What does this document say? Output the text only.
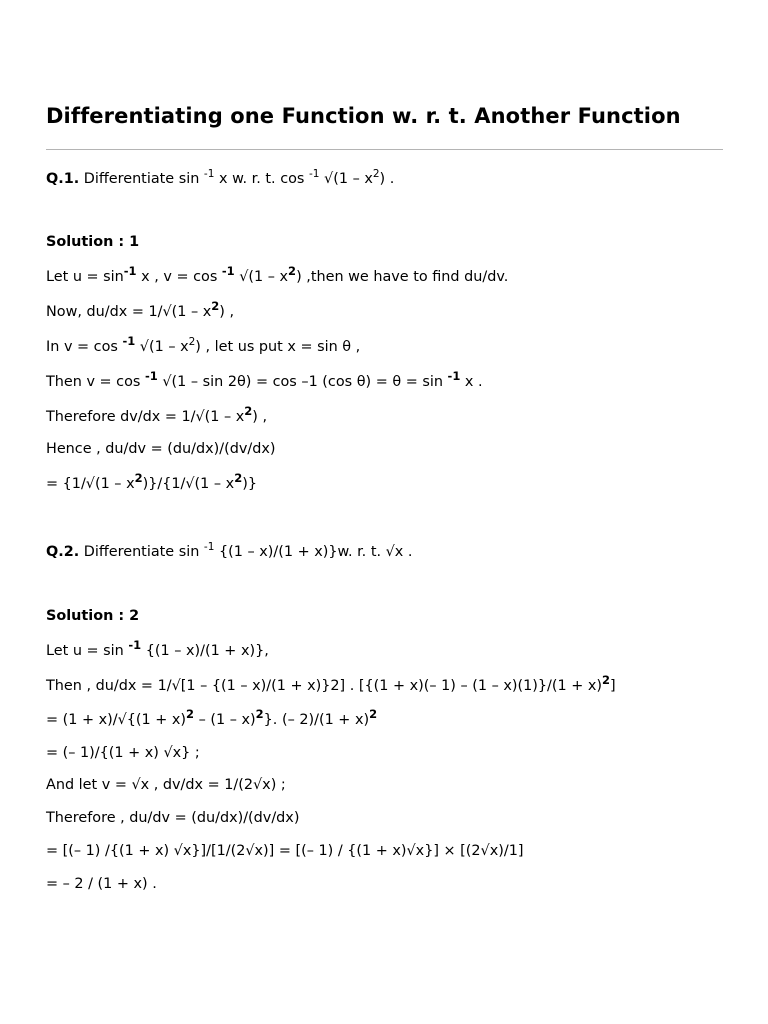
Differentiating one Function w. r. t. Another Function
Q.1. Differentiate sin $^{-1}$ x w. r. t. cos $^{-1}$ $√(1 - x^2)$ .
Solution : 1
Let $u = \sin^{-1} x$ , v = cos $^{-1}$ $√(1 - x^2)$ ,then we have to find du/dv.
Now, $du/dx = 1/√(1 - x^2)$ ,
In v = cos $^{-1}$ $√(1 - x^2)$ , let us put x = sin θ ,
Then v = cos $^{-1}$ √(1 – sin 2θ) = cos –1 (cos θ) = θ = sin $^{-1}$ x .
Therefore $dv/dx = 1/√(1 - x^2)$ ,
Hence , du/dv = (du/dx)/(dv/dx)
= $\{1/√(1 - x^2)\}/\{1/√(1 - x^2)\}$
Q.2. Differentiate sin $^{-1}$ {(1 – x)/(1 + x)}w. r. t. √x .
Solution : 2
Let u = sin $^{-1}$ {(1 – x)/(1 + x)},
Then , du/dx = 1/√[1 – {(1 – x)/(1 + x)}2] . [{(1 + x)(– $1) - (1 - x)(1)\}/(1 + x)^2$]
= $(1 + x)/√\{(1 + x)^2 - (1 - x)^2\}$. (– $2)/(1 + x)^2$
= (– 1)/{(1 + x) √x} ;
And let v = √x , dv/dx = 1/(2√x) ;
Therefore , du/dv = (du/dx)/(dv/dx)
= [(– 1) /{(1 + x) √x}]/[1/(2√x)] = [(– 1) / {(1 + x)√x}] × [(2√x)/1]
= – 2 / (1 + x) .
